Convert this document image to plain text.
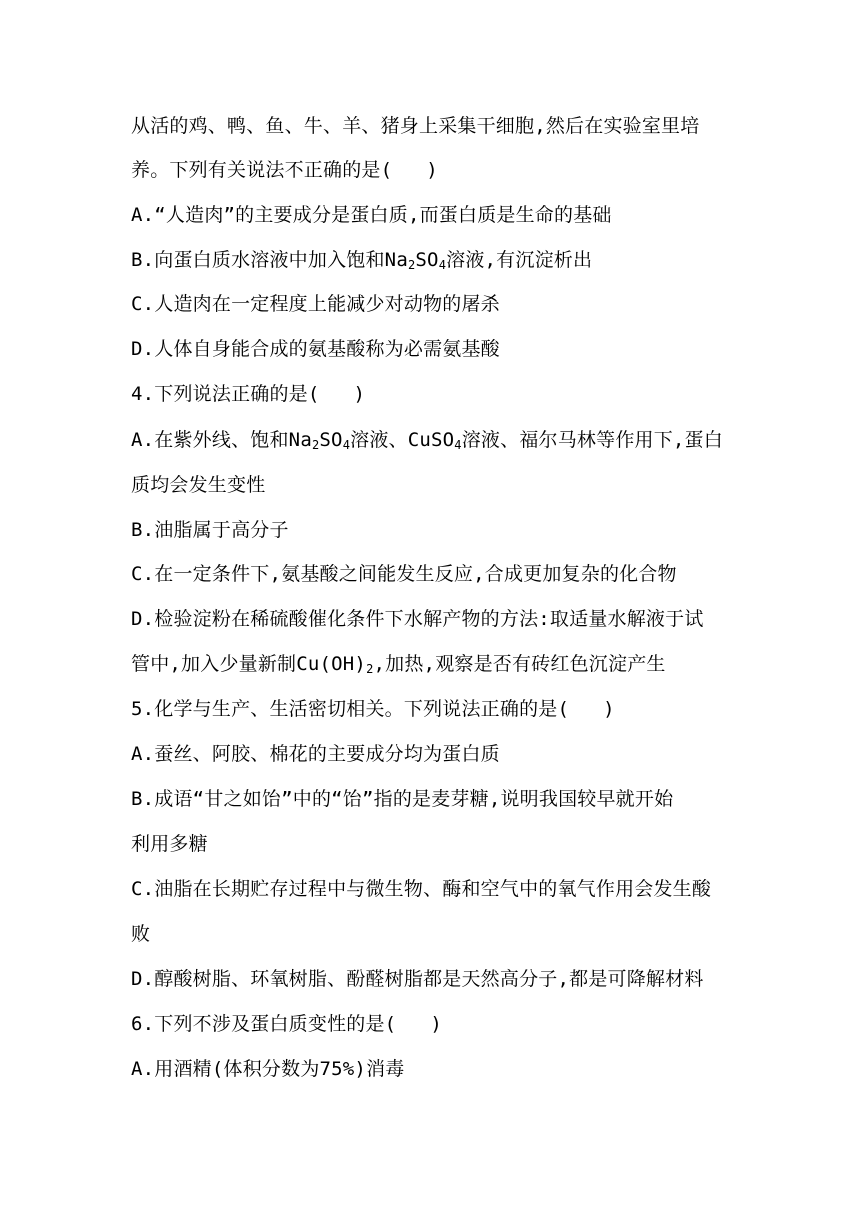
从活的鸡、鸭、鱼、牛、羊、猪身上采集干细胞,然后在实验室里培
养。下列有关说法不正确的是( )
A.“人造肉”的主要成分是蛋白质,而蛋白质是生命的基础
B.向蛋白质水溶液中加入饱和$Na_2SO_4$溶液,有沉淀析出
C.人造肉在一定程度上能减少对动物的屠杀
D.人体自身能合成的氨基酸称为必需氨基酸
4.下列说法正确的是( )
A.在紫外线、饱和$Na_2SO_4$溶液、CuSO$_4$溶液、福尔马林等作用下,蛋白
质均会发生变性
B.油脂属于高分子
C.在一定条件下,氨基酸之间能发生反应,合成更加复杂的化合物
D.检验淀粉在稀硫酸催化条件下水解产物的方法:取适量水解液于试
管中,加入少量新制$Cu(OH)_2$,加热,观察是否有砖红色沉淀产生
5.化学与生产、生活密切相关。下列说法正确的是( )
A.蚕丝、阿胶、棉花的主要成分均为蛋白质
B.成语“甘之如饴”中的“饴”指的是麦芽糖,说明我国较早就开始
利用多糖
C.油脂在长期贮存过程中与微生物、酶和空气中的氧气作用会发生酸
败
D.醇酸树脂、环氧树脂、酚醛树脂都是天然高分子,都是可降解材料
6.下列不涉及蛋白质变性的是( )
A.用酒精(体积分数为75%)消毒
